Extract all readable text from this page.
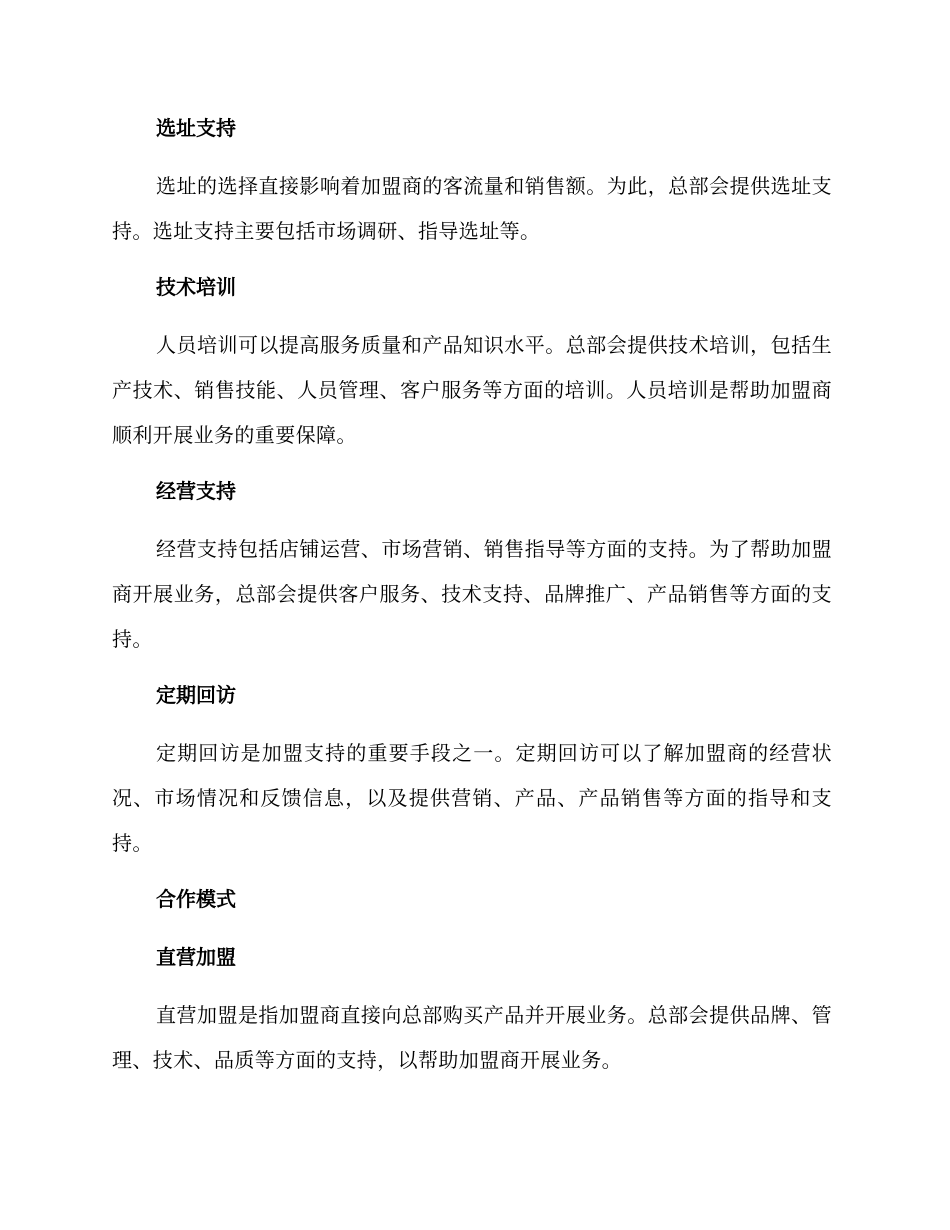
选址支持

选址的选择直接影响着加盟商的客流量和销售额。为此，总部会提供选址支持。选址支持主要包括市场调研、指导选址等。

技术培训

人员培训可以提高服务质量和产品知识水平。总部会提供技术培训，包括生产技术、销售技能、人员管理、客户服务等方面的培训。人员培训是帮助加盟商顺利开展业务的重要保障。

经营支持

经营支持包括店铺运营、市场营销、销售指导等方面的支持。为了帮助加盟商开展业务，总部会提供客户服务、技术支持、品牌推广、产品销售等方面的支持。

定期回访

定期回访是加盟支持的重要手段之一。定期回访可以了解加盟商的经营状况、市场情况和反馈信息，以及提供营销、产品、产品销售等方面的指导和支持。

合作模式
直营加盟

直营加盟是指加盟商直接向总部购买产品并开展业务。总部会提供品牌、管理、技术、品质等方面的支持，以帮助加盟商开展业务。
